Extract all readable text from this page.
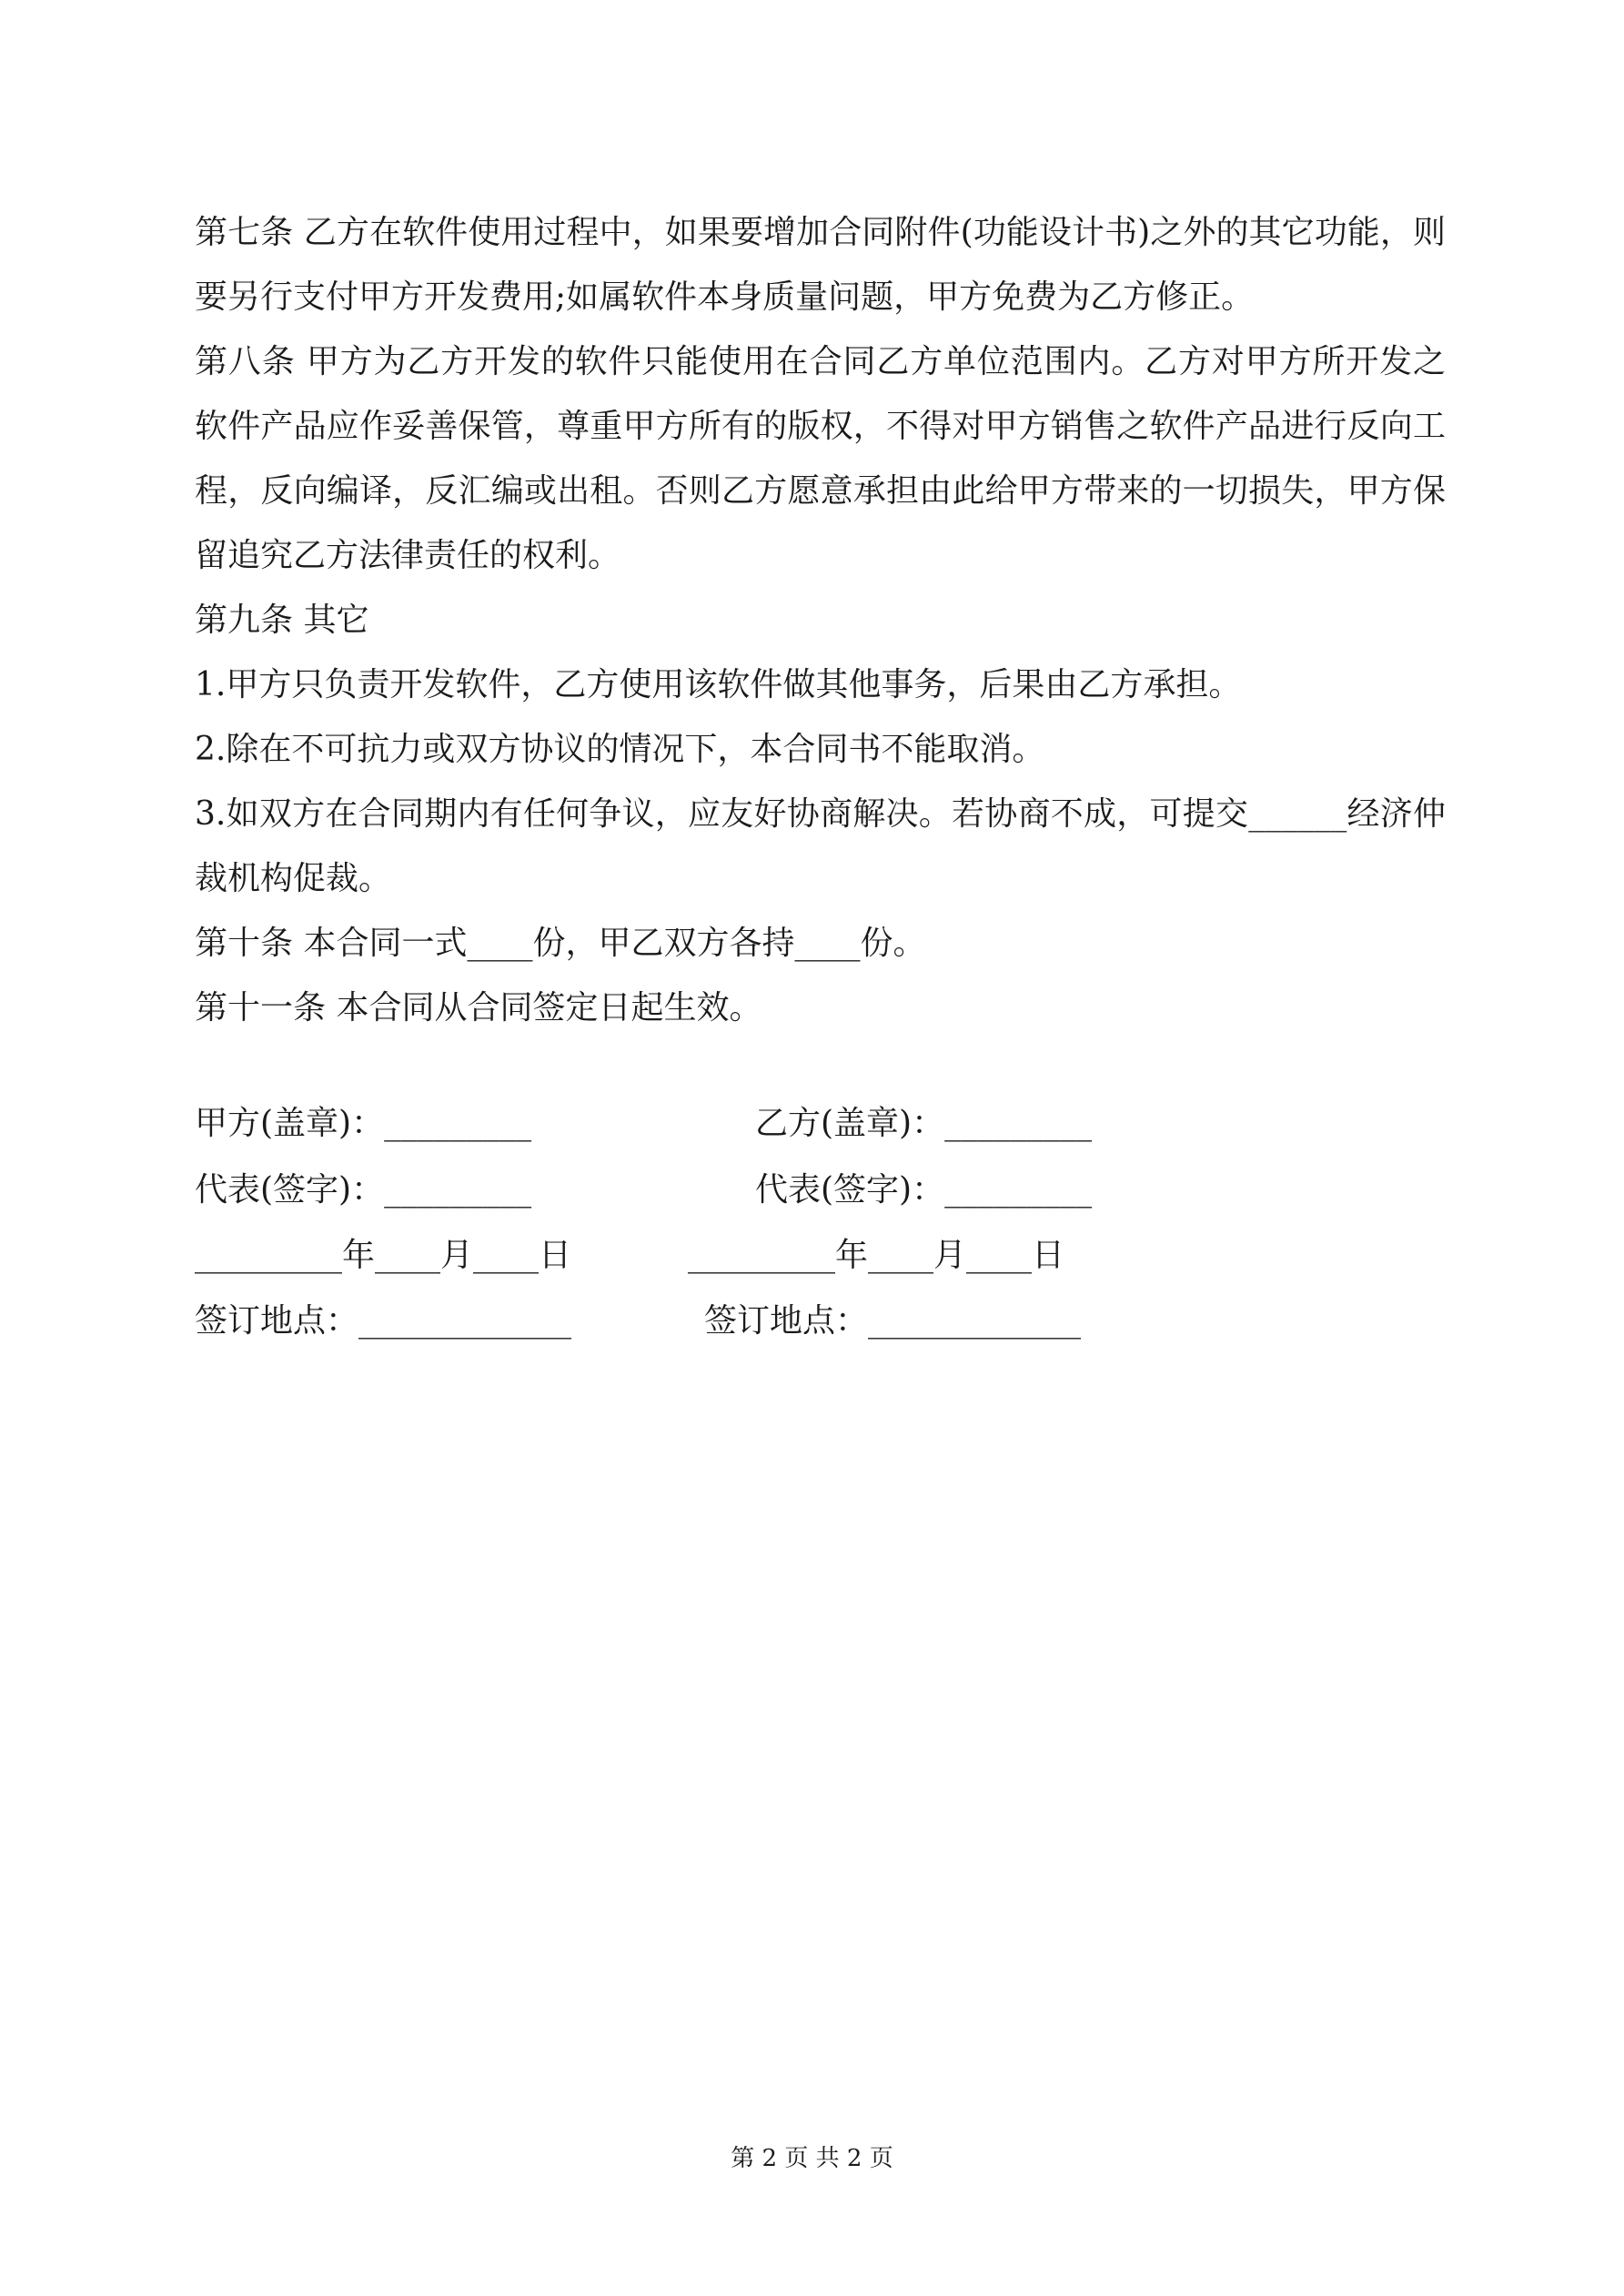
第七条 乙方在软件使用过程中，如果要增加合同附件(功能设计书)之外的其它功能，则要另行支付甲方开发费用;如属软件本身质量问题，甲方免费为乙方修正。

第八条 甲方为乙方开发的软件只能使用在合同乙方单位范围内。乙方对甲方所开发之软件产品应作妥善保管，尊重甲方所有的版权，不得对甲方销售之软件产品进行反向工程，反向编译，反汇编或出租。否则乙方愿意承担由此给甲方带来的一切损失，甲方保留追究乙方法律责任的权利。

第九条 其它

1.甲方只负责开发软件，乙方使用该软件做其他事务，后果由乙方承担。

2.除在不可抗力或双方协议的情况下，本合同书不能取消。

3.如双方在合同期内有任何争议，应友好协商解决。若协商不成，可提交______经济仲裁机构促裁。

第十条 本合同一式____份，甲乙双方各持____份。

第十一条 本合同从合同签定日起生效。

甲方(盖章)：_________	乙方(盖章)：_________
代表(签字)：_________	代表(签字)：_________
_________年____月____日	_________年____月____日
签订地点：_____________	签订地点：_____________
第 2 页 共 2 页
